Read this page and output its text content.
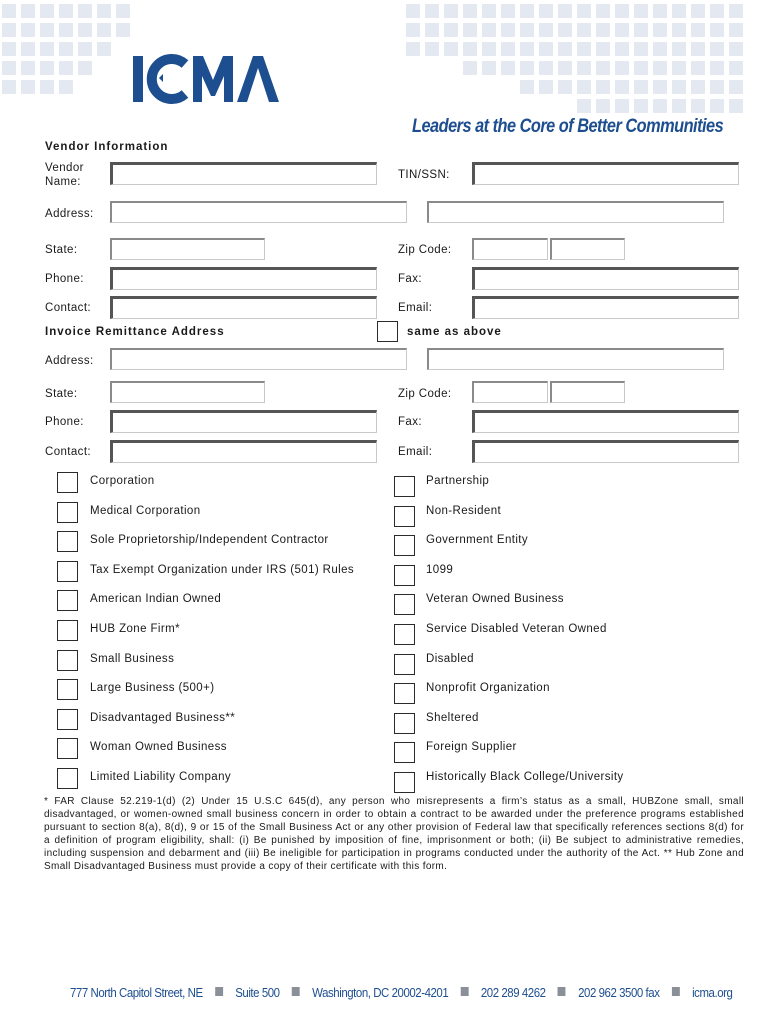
Leaders at the Core of Better Communities
Vendor Information
Vendor
Name:
TIN/SSN:
Address:
State:	Zip Code:
Phone:	Fax:
Contact:	Email:
Invoice Remittance Address	same as above
Address:
State:	Zip Code:
Phone:	Fax:
Contact:	Email:
Corporation
Medical Corporation
Sole Proprietorship/Independent Contractor
Tax Exempt Organization under IRS (501) Rules
American Indian Owned
HUB Zone Firm*
Small Business
Large Business (500+)
Disadvantaged Business**
Woman Owned Business
Limited Liability Company
Partnership
Non-Resident
Government Entity
1099
Veteran Owned Business
Service Disabled Veteran Owned
Disabled
Nonprofit Organization
Sheltered
Foreign Supplier
Historically Black College/University
* FAR Clause 52.219-1(d) (2) Under 15 U.S.C 645(d), any person who misrepresents a firm’s status as a small, HUBZone small, small disadvantaged, or women-owned small business concern in order to obtain a contract to be awarded under the preference programs established pursuant to section 8(a), 8(d), 9 or 15 of the Small Business Act or any other provision of Federal law that specifically references sections 8(d) for a definition of program eligibility, shall: (i) Be punished by imposition of fine, imprisonment or both; (ii) Be subject to administrative remedies, including suspension and debarment and (iii) Be ineligible for participation in programs conducted under the authority of the Act. ** Hub Zone and Small Disadvantaged Business must provide a copy of their certificate with this form.
777 North Capitol Street, NE	Suite 500	Washington, DC 20002-4201	202 289 4262	202 962 3500 fax	icma.org
